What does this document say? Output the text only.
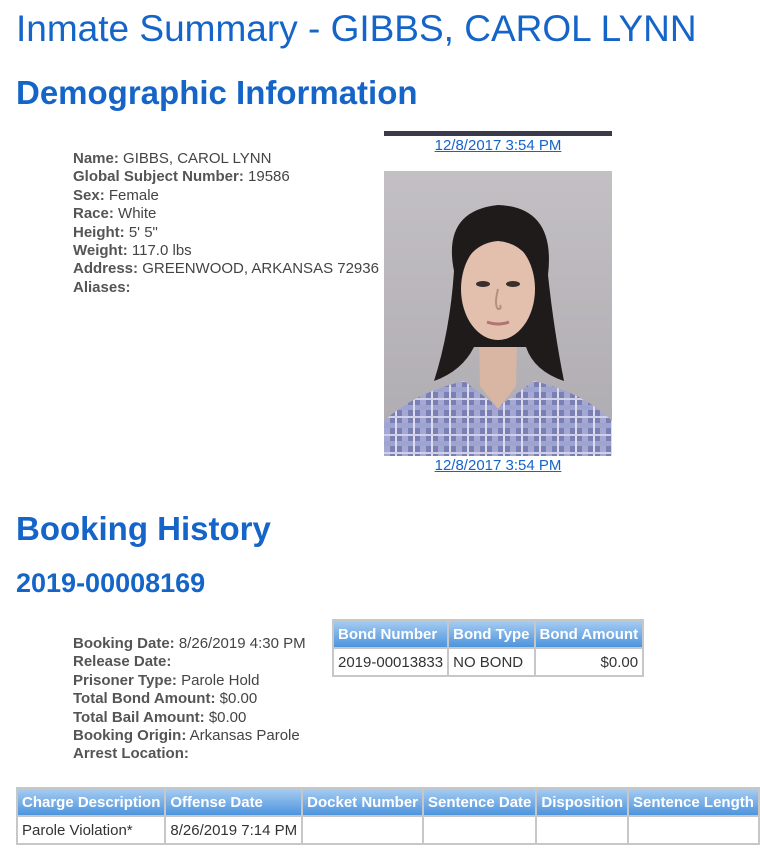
Inmate Summary - GIBBS, CAROL LYNN
Demographic Information
Name: GIBBS, CAROL LYNN
Global Subject Number: 19586
Sex: Female
Race: White
Height: 5' 5"
Weight: 117.0 lbs
Address: GREENWOOD, ARKANSAS 72936
Aliases:
12/8/2017 3:54 PM
12/8/2017 3:54 PM
Booking History
2019-00008169
Booking Date: 8/26/2019 4:30 PM
Release Date:
Prisoner Type: Parole Hold
Total Bond Amount: $0.00
Total Bail Amount: $0.00
Booking Origin: Arkansas Parole
Arrest Location:
Bond Number	Bond Type	Bond Amount
2019-00013833	NO BOND	$0.00
Charge Description	Offense Date	Docket Number	Sentence Date	Disposition	Sentence Length
Parole Violation*	8/26/2019 7:14 PM				
